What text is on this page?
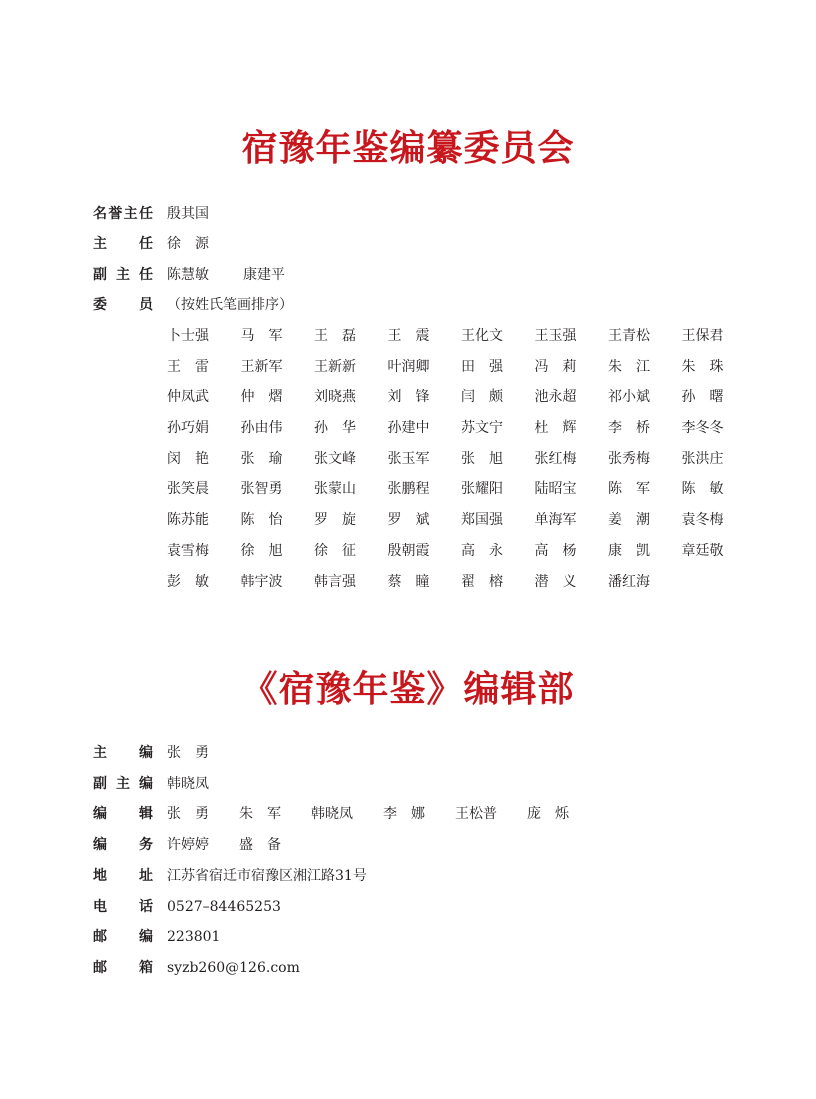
宿豫年鉴编纂委员会
名 誉 主 任 殷其国
主 任 徐　源
副 主 任 陈慧敏 康建平
委 员 （按姓氏笔画排序）
卜士强 马　军 王　磊 王　震 王化文 王玉强 王青松 王保君
王　雷 王新军 王新新 叶润卿 田　强 冯　莉 朱　江 朱　珠
仲凤武 仲　熠 刘晓燕 刘　锋 闫　颇 池永超 祁小斌 孙　曙
孙巧娟 孙由伟 孙　华 孙建中 苏文宁 杜　辉 李　桥 李冬冬
闵　艳 张　瑜 张文峰 张玉军 张　旭 张红梅 张秀梅 张洪庄
张笑晨 张智勇 张蒙山 张鹏程 张耀阳 陆昭宝 陈　军 陈　敏
陈苏能 陈　怡 罗　旋 罗　斌 郑国强 单海军 姜　潮 袁冬梅
袁雪梅 徐　旭 徐　征 殷朝霞 高　永 高　杨 康　凯 章廷敬
彭　敏 韩宇波 韩言强 蔡　瞳 翟　榕 潜　义 潘红海
《宿豫年鉴》编辑部
主 编 张　勇
副 主 编 韩晓凤
编 辑 张　勇 朱　军 韩晓凤 李　娜 王松普 庞　烁
编 务 许婷婷 盛　备
地 址 江苏省宿迁市宿豫区湘江路31号
电 话 0527–84465253
邮 编 223801
邮 箱 syzb260@126.com
